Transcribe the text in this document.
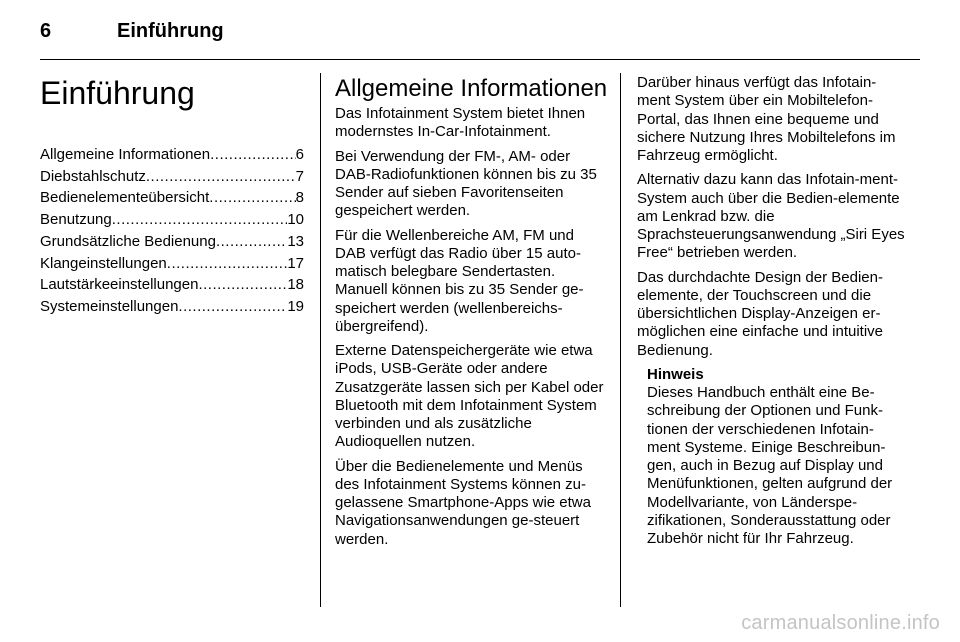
6	Einführung
Einführung
Allgemeine Informationen .....	6
Diebstahlschutz .....	7
Bedienelementeübersicht .....	8
Benutzung .....	10
Grundsätzliche Bedienung .....	13
Klangeinstellungen .....	17
Lautstärkeeinstellungen .....	18
Systemeinstellungen .....	19
Allgemeine Informationen

Das Infotainment System bietet Ihnen modernstes In-Car-Infotainment.

Bei Verwendung der FM-, AM- oder DAB-Radiofunktionen können bis zu 35 Sender auf sieben Favoritenseiten gespeichert werden.

Für die Wellenbereiche AM, FM und DAB verfügt das Radio über 15 auto-matisch belegbare Sendertasten. Manuell können bis zu 35 Sender ge-speichert werden (wellenbereichs-übergreifend).

Externe Datenspeichergeräte wie etwa iPods, USB-Geräte oder andere Zusatzgeräte lassen sich per Kabel oder Bluetooth mit dem Infotainment System verbinden und als zusätzliche Audioquellen nutzen.

Über die Bedienelemente und Menüs des Infotainment Systems können zu-gelassene Smartphone-Apps wie etwa Navigationsanwendungen ge-steuert werden.

Darüber hinaus verfügt das Infotain-ment System über ein Mobiltelefon-Portal, das Ihnen eine bequeme und sichere Nutzung Ihres Mobiltelefons im Fahrzeug ermöglicht.

Alternativ dazu kann das Infotain-ment-System auch über die Bedien-elemente am Lenkrad bzw. die Sprachsteuerungsanwendung „Siri Eyes Free“ betrieben werden.

Das durchdachte Design der Bedien-elemente, der Touchscreen und die übersichtlichen Display-Anzeigen er-möglichen eine einfache und intuitive Bedienung.

Hinweis
Dieses Handbuch enthält eine Be-schreibung der Optionen und Funk-tionen der verschiedenen Infotain-ment Systeme. Einige Beschreibun-gen, auch in Bezug auf Display und Menüfunktionen, gelten aufgrund der Modellvariante, von Länderspe-zifikationen, Sonderausstattung oder Zubehör nicht für Ihr Fahrzeug.
carmanualsonline.info
